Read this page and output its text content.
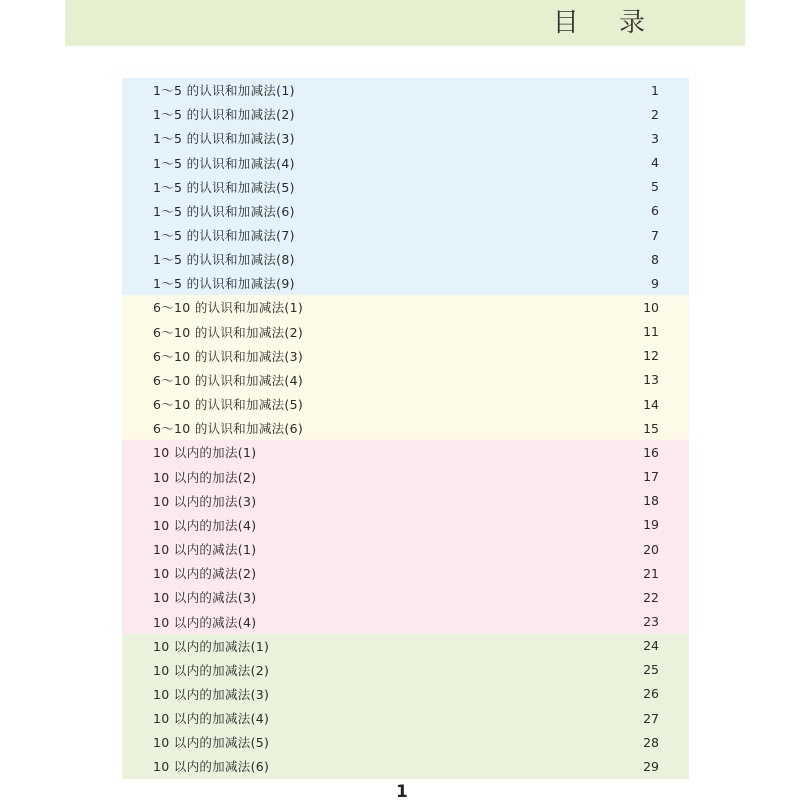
目 录
1～5 的认识和加减法(1) ·····	1
1～5 的认识和加减法(2) ·····	2
1～5 的认识和加减法(3) ·····	3
1～5 的认识和加减法(4) ·····	4
1～5 的认识和加减法(5) ·····	5
1～5 的认识和加减法(6) ·····	6
1～5 的认识和加减法(7) ·····	7
1～5 的认识和加减法(8) ·····	8
1～5 的认识和加减法(9) ·····	9
6～10 的认识和加减法(1) ·····	10
6～10 的认识和加减法(2) ·····	11
6～10 的认识和加减法(3) ·····	12
6～10 的认识和加减法(4) ·····	13
6～10 的认识和加减法(5) ·····	14
6～10 的认识和加减法(6) ·····	15
10 以内的加法(1) ·····	16
10 以内的加法(2) ·····	17
10 以内的加法(3) ·····	18
10 以内的加法(4) ·····	19
10 以内的减法(1) ·····	20
10 以内的减法(2) ·····	21
10 以内的减法(3) ·····	22
10 以内的减法(4) ·····	23
10 以内的加减法(1) ·····	24
10 以内的加减法(2) ·····	25
10 以内的加减法(3) ·····	26
10 以内的加减法(4) ·····	27
10 以内的加减法(5) ·····	28
10 以内的加减法(6) ·····	29
1
